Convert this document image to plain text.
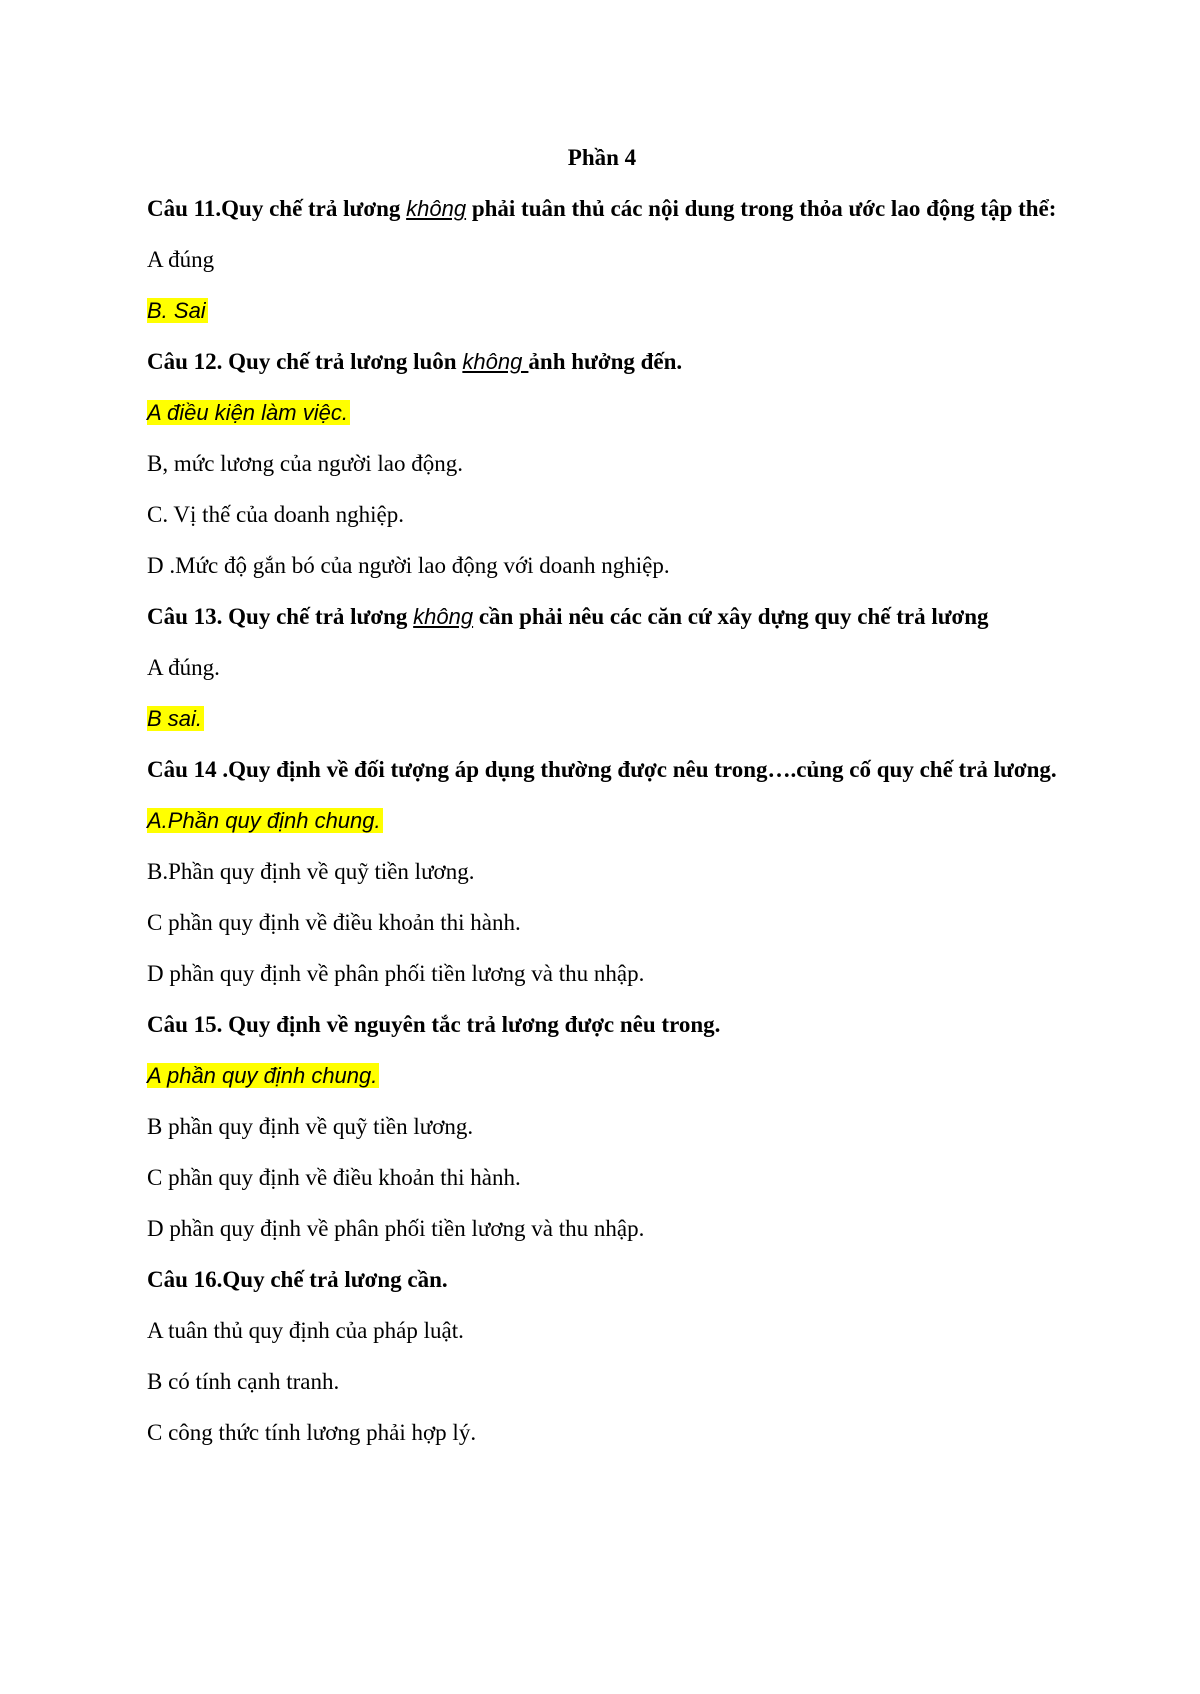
Phần 4
Câu 11.Quy chế trả lương không phải tuân thủ các nội dung trong thỏa ước lao động tập thể:
A đúng
B. Sai
Câu 12. Quy chế trả lương luôn không ảnh hưởng đến.
A điều kiện làm việc.
B, mức lương của người lao động.
C. Vị thế của doanh nghiệp.
D .Mức độ gắn bó của người lao động với doanh nghiệp.
Câu 13. Quy chế trả lương không cần phải nêu các căn cứ xây dựng quy chế trả lương
A đúng.
B sai.
Câu 14 .Quy định về đối tượng áp dụng thường được nêu trong….củng cố quy chế trả lương.
A.Phần quy định chung.
B.Phần quy định về quỹ tiền lương.
C phần quy định về điều khoản thi hành.
D phần quy định về phân phối tiền lương và thu nhập.
Câu 15. Quy định về nguyên tắc trả lương được nêu trong.
A phần quy định chung.
B phần quy định về quỹ tiền lương.
C phần quy định về điều khoản thi hành.
D phần quy định về phân phối tiền lương và thu nhập.
Câu 16.Quy chế trả lương cần.
A tuân thủ quy định của pháp luật.
B có tính cạnh tranh.
C công thức tính lương phải hợp lý.
